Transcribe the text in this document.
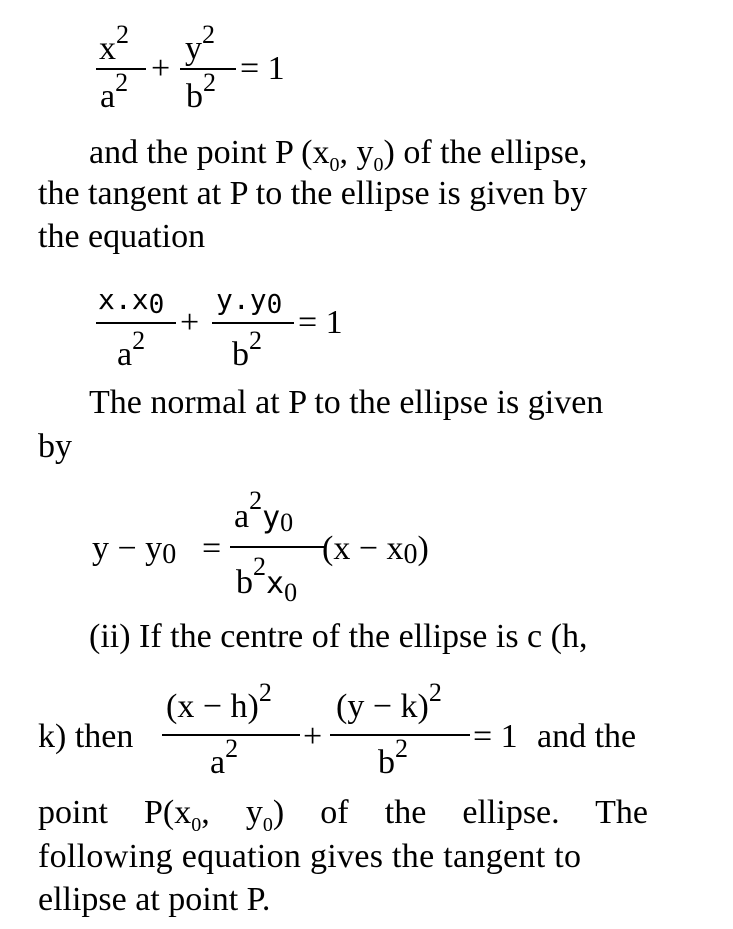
$x^2$
$a^2$ +
$y^2$
$b^2 = 1$
and the point P ($x_0$, $y_0$) of the ellipse,
the tangent at P to the ellipse is given by
the equation
x.x0
$a^2$ +
y.y0
$b^2 = 1$
The normal at P to the ellipse is given
by
y − y0 =
$a^2y0$
$b^2x_0$
(x − x0)
(ii) If the centre of the ellipse is c (h,
k) then	and the
$(x - h)^2$
$a^2$ +
$(y - k)^2$
$b^2 = 1$
point $P(x_0$, $y_0$) of the ellipse. The
following equation gives the tangent to
ellipse at point P.
